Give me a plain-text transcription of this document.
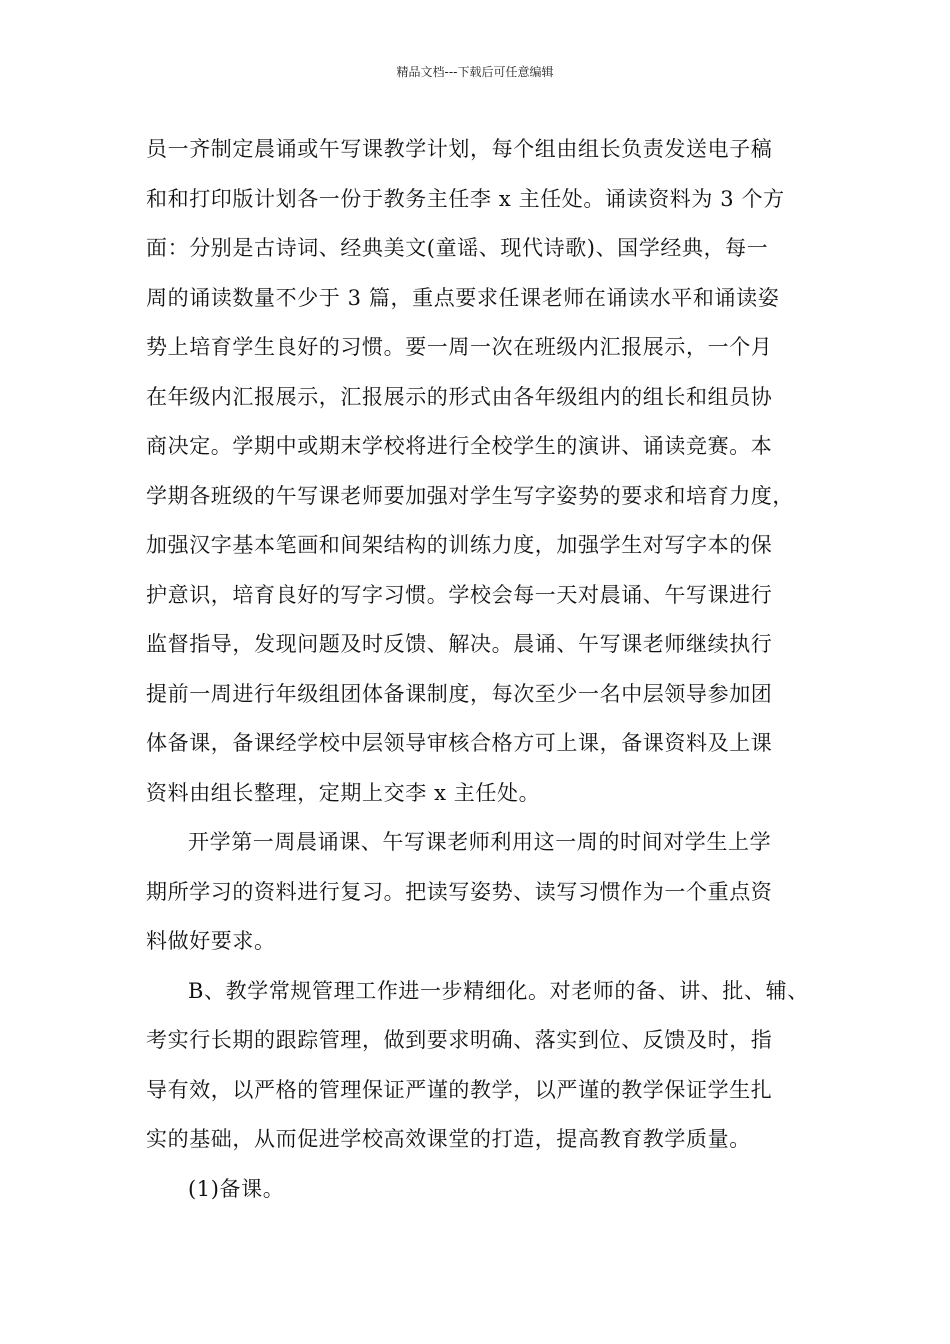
精品文档---下载后可任意编辑
员一齐制定晨诵或午写课教学计划，每个组由组长负责发送电子稿
和和打印版计划各一份于教务主任李 x 主任处。诵读资料为 3 个方
面：分别是古诗词、经典美文(童谣、现代诗歌)、国学经典，每一
周的诵读数量不少于 3 篇，重点要求任课老师在诵读水平和诵读姿
势上培育学生良好的习惯。要一周一次在班级内汇报展示，一个月
在年级内汇报展示，汇报展示的形式由各年级组内的组长和组员协
商决定。学期中或期末学校将进行全校学生的演讲、诵读竞赛。本
学期各班级的午写课老师要加强对学生写字姿势的要求和培育力度，
加强汉字基本笔画和间架结构的训练力度，加强学生对写字本的保
护意识，培育良好的写字习惯。学校会每一天对晨诵、午写课进行
监督指导，发现问题及时反馈、解决。晨诵、午写课老师继续执行
提前一周进行年级组团体备课制度，每次至少一名中层领导参加团
体备课，备课经学校中层领导审核合格方可上课，备课资料及上课
资料由组长整理，定期上交李 x 主任处。
开学第一周晨诵课、午写课老师利用这一周的时间对学生上学
期所学习的资料进行复习。把读写姿势、读写习惯作为一个重点资
料做好要求。
B、教学常规管理工作进一步精细化。对老师的备、讲、批、辅、
考实行长期的跟踪管理，做到要求明确、落实到位、反馈及时，指
导有效，以严格的管理保证严谨的教学，以严谨的教学保证学生扎
实的基础，从而促进学校高效课堂的打造，提高教育教学质量。
(1)备课。
